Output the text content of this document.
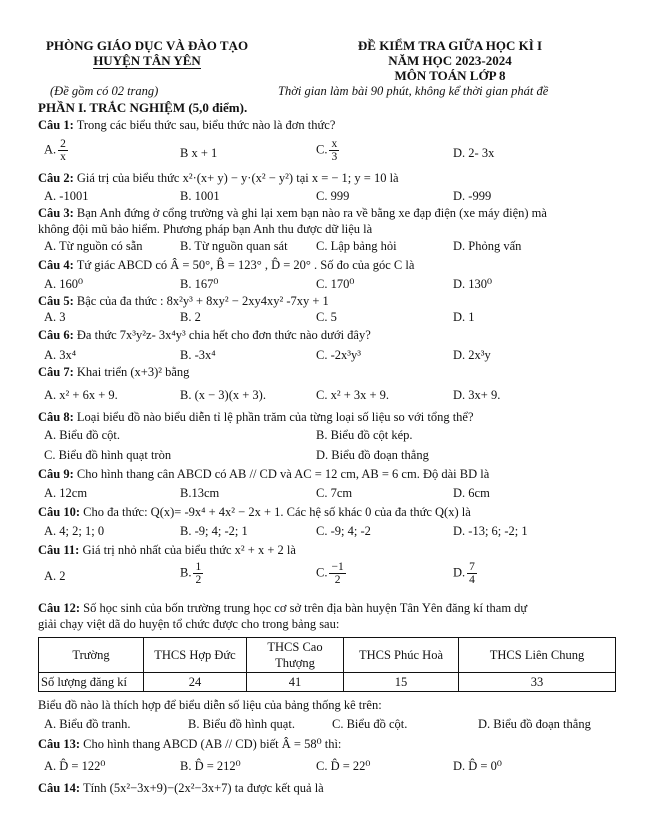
PHÒNG GIÁO DỤC VÀ ĐÀO TẠO
HUYỆN TÂN YÊN
ĐỀ KIỂM TRA GIỮA HỌC KÌ I
NĂM HỌC 2023-2024
MÔN TOÁN LỚP 8
(Đề gồm có 02 trang)	Thời gian làm bài 90 phút, không kể thời gian phát đề
PHẦN I. TRẮC NGHIỆM (5,0 điểm).
Câu 1: Trong các biểu thức sau, biểu thức nào là đơn thức?
A. $\frac{2}{x}$	B x + 1	C. $\frac{x}{3}$	D. 2- 3x
Câu 2: Giá trị của biểu thức x²·(x+ y) − y·(x² − y²) tại x = − 1; y = 10 là
A. -1001	B. 1001	C. 999	D. -999
Câu 3: Bạn Anh đứng ở cổng trường và ghi lại xem bạn nào ra về bằng xe đạp điện (xe máy điện) mà
không đội mũ bảo hiểm. Phương pháp bạn Anh thu được dữ liệu là
A. Từ nguồn có sẵn	B. Từ nguồn quan sát C. Lập bảng hỏi	D. Phỏng vấn
Câu 4: Tứ giác ABCD có Â = 50°, B̂ = 123° , D̂ = 20° . Số đo của góc C là
A. 160⁰	B. 167⁰	C. 170⁰	D. 130⁰
Câu 5: Bậc của đa thức : 8x²y³ + 8xy² − 2xy4xy² -7xy + 1
A. 3	B. 2	C. 5	D. 1
Câu 6: Đa thức 7x³y²z- 3x⁴y³ chia hết cho đơn thức nào dưới đây?
A. 3x⁴	B. -3x⁴	C. -2x³y³	D. 2x³y
Câu 7: Khai triển (x+3)² bằng
A. x² + 6x + 9.	B. (x − 3)(x + 3).	C. x² + 3x + 9.	D. 3x+ 9.
Câu 8: Loại biểu đồ nào biểu diễn tỉ lệ phần trăm của từng loại số liệu so với tổng thể?
A. Biểu đồ cột.	B. Biểu đồ cột kép.
C. Biểu đồ hình quạt tròn	D. Biểu đồ đoạn thẳng
Câu 9: Cho hình thang cân ABCD có AB // CD và AC = 12 cm, AB = 6 cm. Độ dài BD là
A. 12cm	B.13cm	C. 7cm	D. 6cm
Câu 10: Cho đa thức: Q(x)= -9x⁴ + 4x² − 2x + 1. Các hệ số khác 0 của đa thức Q(x) là
A. 4; 2; 1; 0	B. -9; 4; -2; 1	C. -9; 4; -2	D. -13; 6; -2; 1
Câu 11: Giá trị nhỏ nhất của biểu thức x² + x + 2 là
A. 2	B. $\frac{1}{2}$	C. $\frac{-1}{2}$	D. $\frac{7}{4}$
Câu 12: Số học sinh của bốn trường trung học cơ sở trên địa bàn huyện Tân Yên đăng kí tham dự
giải chạy việt dã do huyện tổ chức được cho trong bảng sau:
Trường	THCS Hợp Đức	THCS Cao Thượng	THCS Phúc Hoà	THCS Liên Chung
Số lượng đăng kí	24	41	15	33
Biểu đồ nào là thích hợp để biểu diễn số liệu của bảng thống kê trên:
A. Biểu đồ tranh.	B. Biểu đồ hình quạt.	C. Biểu đồ cột.	D. Biểu đồ đoạn thẳng
Câu 13: Cho hình thang ABCD (AB // CD) biết Â = 58⁰ thì:
A. D̂ = 122⁰	B. D̂ = 212⁰	C. D̂ = 22⁰	D. D̂ = 0⁰
Câu 14: Tính (5x²−3x+9)−(2x²−3x+7) ta được kết quả là
